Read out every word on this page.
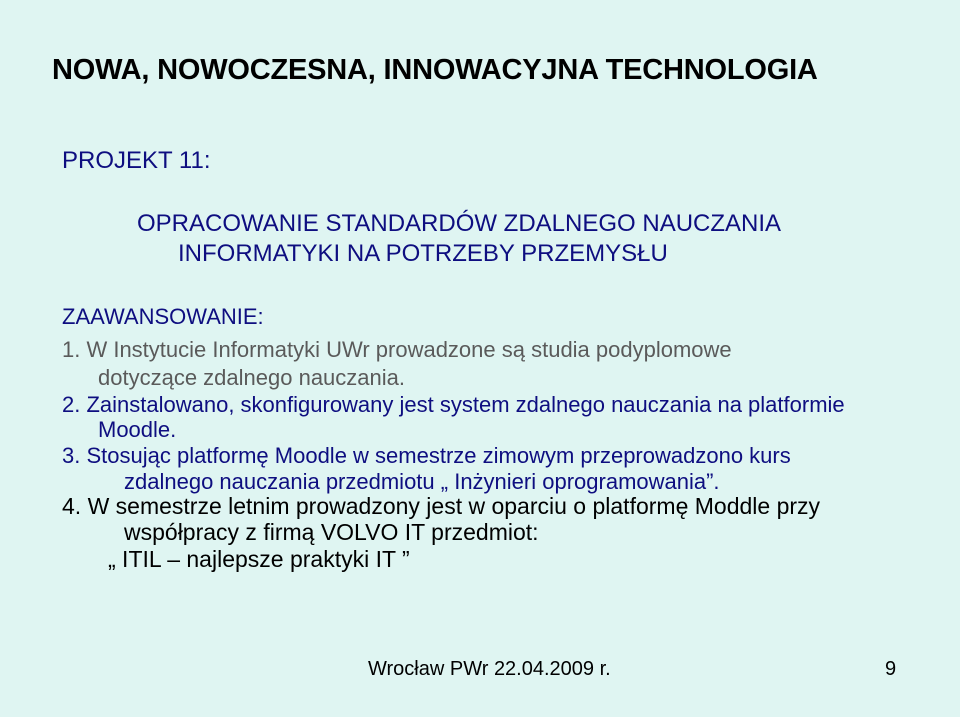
NOWA, NOWOCZESNA, INNOWACYJNA TECHNOLOGIA
PROJEKT 11:
OPRACOWANIE STANDARDÓW ZDALNEGO NAUCZANIA
INFORMATYKI NA POTRZEBY PRZEMYSŁU
ZAAWANSOWANIE:
1. W Instytucie Informatyki UWr prowadzone są studia podyplomowe
dotyczące zdalnego nauczania.
2. Zainstalowano, skonfigurowany jest system zdalnego nauczania na platformie
Moodle.
3. Stosując platformę Moodle w semestrze zimowym przeprowadzono kurs
zdalnego nauczania przedmiotu „ Inżynieri oprogramowania”.
4. W semestrze letnim prowadzony jest w oparciu o platformę Moddle przy
współpracy z firmą VOLVO IT przedmiot:
„ ITIL – najlepsze praktyki IT ”
Wrocław PWr 22.04.2009 r.	9
